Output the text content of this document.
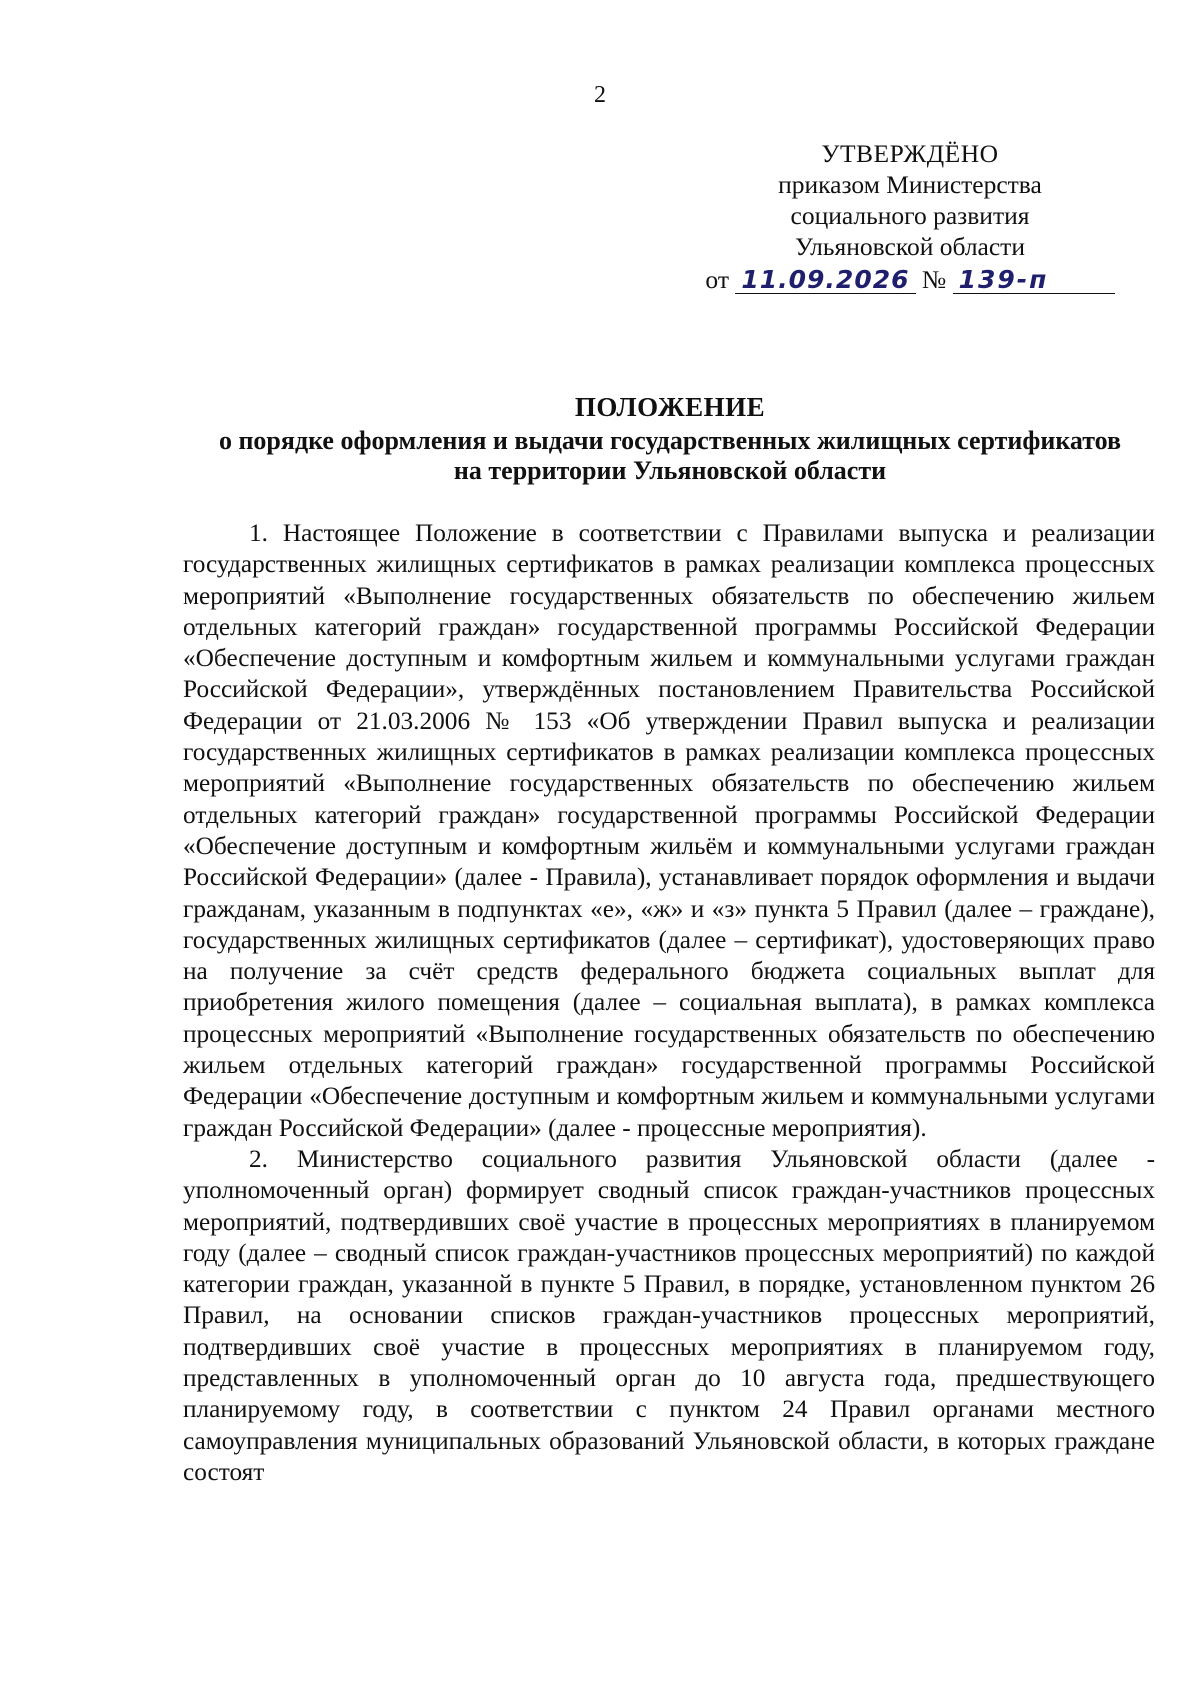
2
УТВЕРЖДЁНО
приказом Министерства
социального развития
Ульяновской области
от 11.09.2026 № 139-п
ПОЛОЖЕНИЕ
о порядке оформления и выдачи государственных жилищных сертификатов
на территории Ульяновской области

1. Настоящее Положение в соответствии с Правилами выпуска и реализации государственных жилищных сертификатов в рамках реализации комплекса процессных мероприятий «Выполнение государственных обязательств по обеспечению жильем отдельных категорий граждан» государственной программы Российской Федерации «Обеспечение доступным и комфортным жильем и коммунальными услугами граждан Российской Федерации», утверждённых постановлением Правительства Российской Федерации от 21.03.2006 № 153 «Об утверждении Правил выпуска и реализации государственных жилищных сертификатов в рамках реализации комплекса процессных мероприятий «Выполнение государственных обязательств по обеспечению жильем отдельных категорий граждан» государственной программы Российской Федерации «Обеспечение доступным и комфортным жильём и коммунальными услугами граждан Российской Федерации» (далее - Правила), устанавливает порядок оформления и выдачи гражданам, указанным в подпунктах «е», «ж» и «з» пункта 5 Правил (далее – граждане), государственных жилищных сертификатов (далее – сертификат), удостоверяющих право на получение за счёт средств федерального бюджета социальных выплат для приобретения жилого помещения (далее – социальная выплата), в рамках комплекса процессных мероприятий «Выполнение государственных обязательств по обеспечению жильем отдельных категорий граждан» государственной программы Российской Федерации «Обеспечение доступным и комфортным жильем и коммунальными услугами граждан Российской Федерации» (далее - процессные мероприятия).

2. Министерство социального развития Ульяновской области (далее - уполномоченный орган) формирует сводный список граждан-участников процессных мероприятий, подтвердивших своё участие в процессных мероприятиях в планируемом году (далее – сводный список граждан-участников процессных мероприятий) по каждой категории граждан, указанной в пункте 5 Правил, в порядке, установленном пунктом 26 Правил, на основании списков граждан-участников процессных мероприятий, подтвердивших своё участие в процессных мероприятиях в планируемом году, представленных в уполномоченный орган до 10 августа года, предшествующего планируемому году, в соответствии с пунктом 24 Правил органами местного самоуправления муниципальных образований Ульяновской области, в которых граждане состоят
